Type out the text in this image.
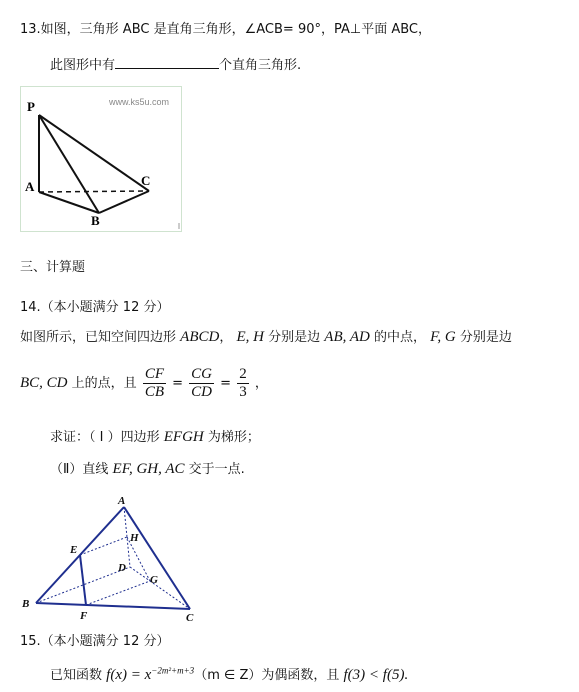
13.如图，三角形 ABC 是直角三角形，∠ACB= 90°，PA⊥平面 ABC，
此图形中有	个直角三角形.
www.ks5u.com
P
A
B
C
三、计算题
14.（本小题满分 12 分）
如图所示，已知空间四边形 ABCD， E, H 分别是边 AB, AD 的中点， F, G 分别是边
BC, CD 上的点，且 $\frac{CF}{CB} = \frac{CG}{CD} = \frac{2}{3}$ ，
求证：（ I ）四边形 EFGH 为梯形；
（Ⅱ）直线 EF, GH, AC 交于一点.
A
B
C
D
E
F
G
H
15.（本小题满分 12 分）
已知函数 $f(x) = x^{-2m^2+m+3}(m$ ∈ Z）为偶函数，且 f(3) < f(5).
